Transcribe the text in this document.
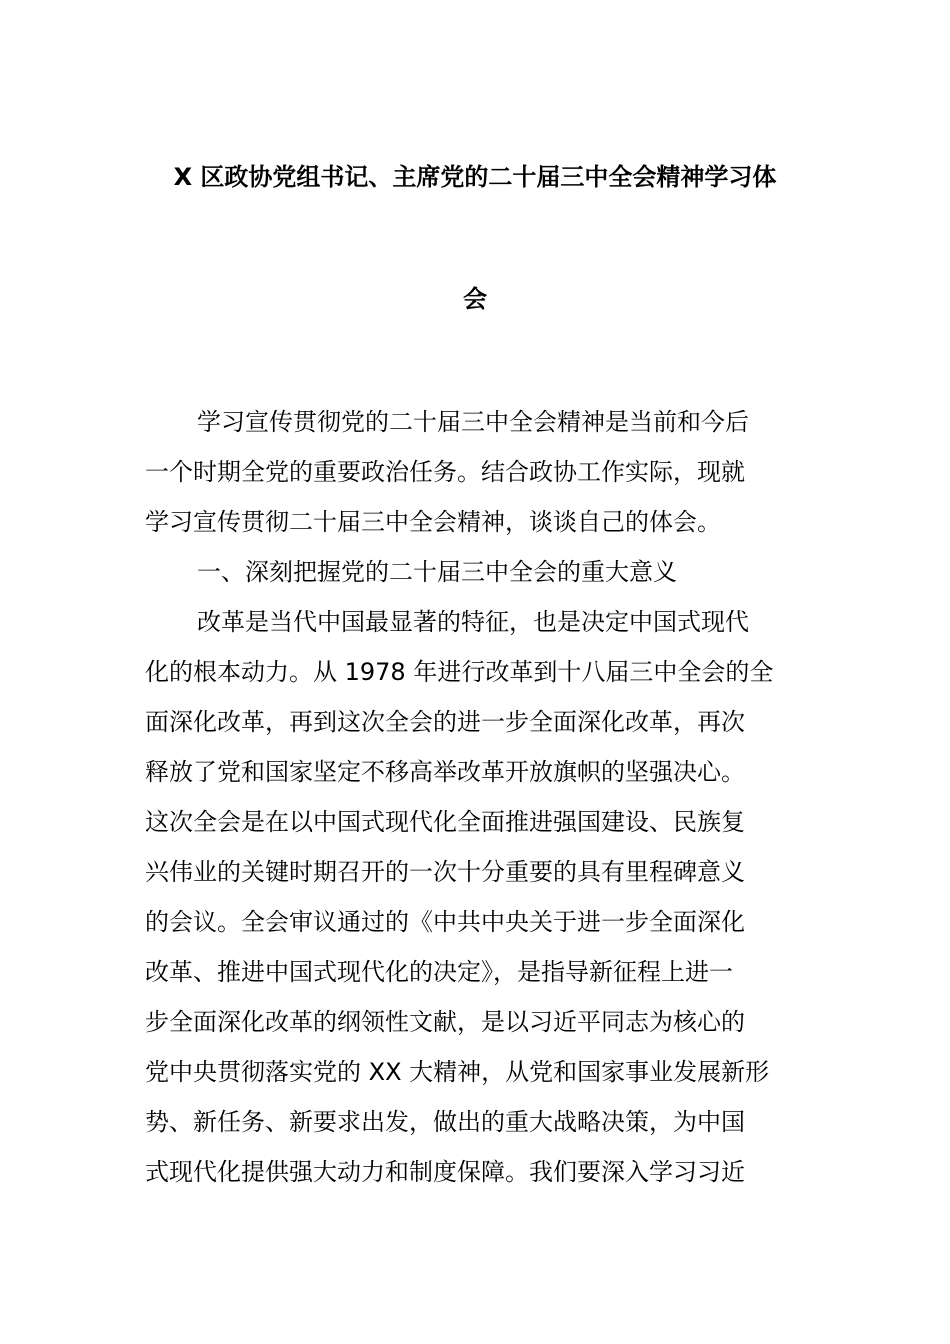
X 区政协党组书记、主席党的二十届三中全会精神学习体
会
学习宣传贯彻党的二十届三中全会精神是当前和今后
一个时期全党的重要政治任务。结合政协工作实际，现就
学习宣传贯彻二十届三中全会精神，谈谈自己的体会。
一、深刻把握党的二十届三中全会的重大意义
改革是当代中国最显著的特征，也是决定中国式现代
化的根本动力。从 1978 年进行改革到十八届三中全会的全
面深化改革，再到这次全会的进一步全面深化改革，再次
释放了党和国家坚定不移高举改革开放旗帜的坚强决心。
这次全会是在以中国式现代化全面推进强国建设、民族复
兴伟业的关键时期召开的一次十分重要的具有里程碑意义
的会议。全会审议通过的《中共中央关于进一步全面深化
改革、推进中国式现代化的决定》，是指导新征程上进一
步全面深化改革的纲领性文献，是以习近平同志为核心的
党中央贯彻落实党的 XX 大精神，从党和国家事业发展新形
势、新任务、新要求出发，做出的重大战略决策，为中国
式现代化提供强大动力和制度保障。我们要深入学习习近
